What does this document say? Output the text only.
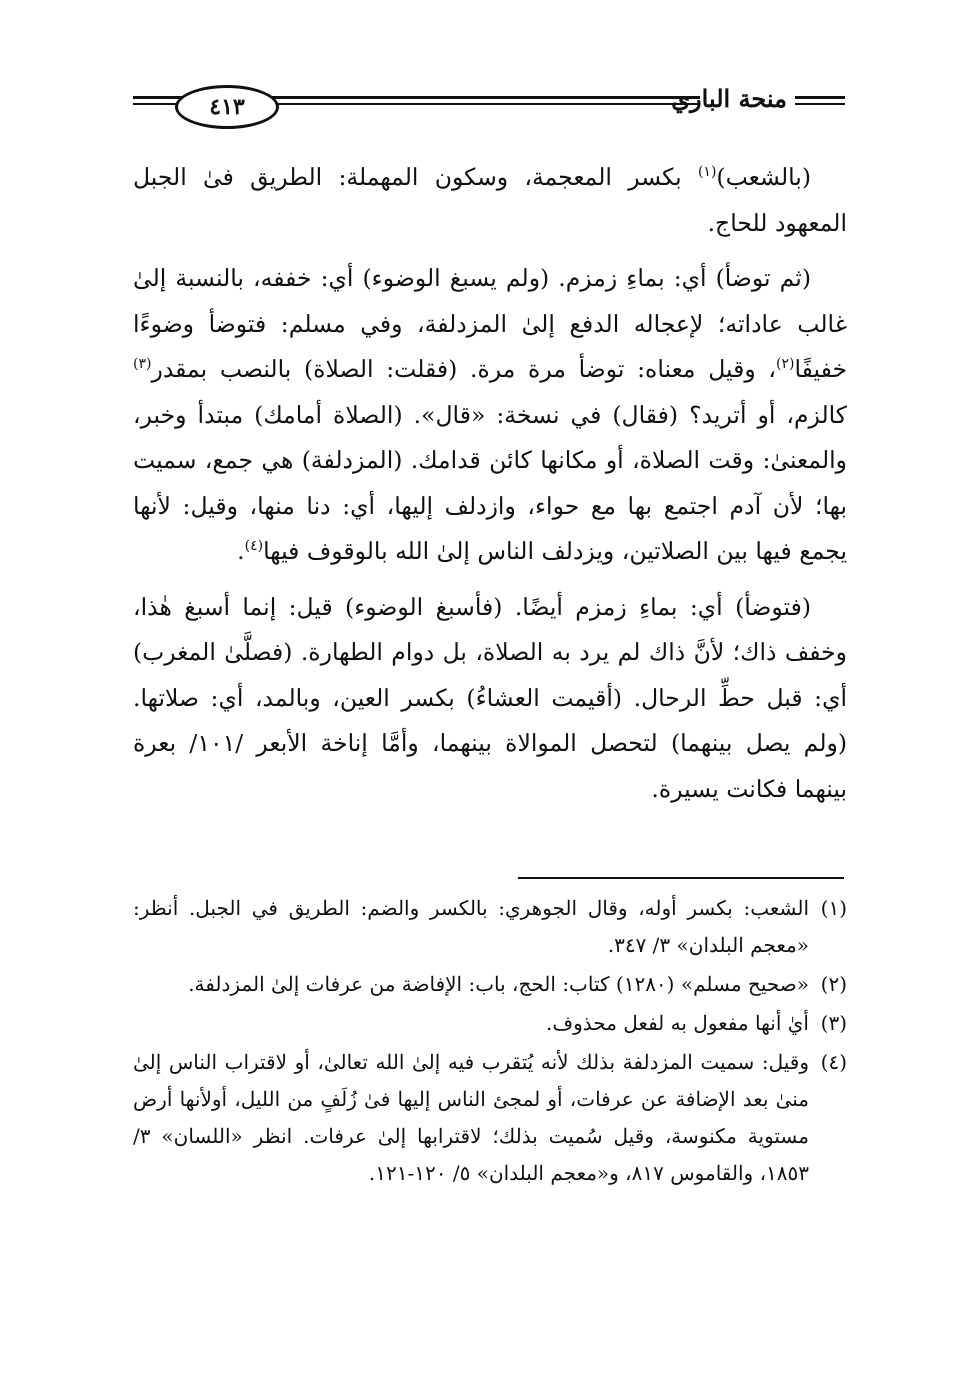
منحة الباري
٤١٣

(بالشعب)$^{(١)}$ بكسر المعجمة، وسكون المهملة: الطريق فىٰ الجبل المعهود للحاج.

(ثم توضأ) أي: بماءِ زمزم. (ولم يسبغ الوضوء) أي: خففه، بالنسبة إلىٰ غالب عاداته؛ لإعجاله الدفع إلىٰ المزدلفة، وفي مسلم: فتوضأ وضوءًا خفيفًا$^{(٢)}$، وقيل معناه: توضأ مرة مرة. (فقلت: الصلاة) بالنصب بمقدر$^{(٣)}$ كالزم، أو أتريد؟ (فقال) في نسخة: «قال». (الصلاة أمامك) مبتدأ وخبر، والمعنىٰ: وقت الصلاة، أو مكانها كائن قدامك. (المزدلفة) هي جمع، سميت بها؛ لأن آدم اجتمع بها مع حواء، وازدلف إليها، أي: دنا منها، وقيل: لأنها يجمع فيها بين الصلاتين، ويزدلف الناس إلىٰ الله بالوقوف فيها$^{(٤)}$.

(فتوضأ) أي: بماءِ زمزم أيضًا. (فأسبغ الوضوء) قيل: إنما أسبغ هٰذا، وخفف ذاك؛ لأنَّ ذاك لم يرد به الصلاة، بل دوام الطهارة. (فصلَّىٰ المغرب) أي: قبل حطِّ الرحال. (أقيمت العشاءُ) بكسر العين، وبالمد، أي: صلاتها. (ولم يصل بينهما) لتحصل الموالاة بينهما، وأمَّا إناخة الأبعر /١٠١/ بعرة بينهما فكانت يسيرة.

(١)
الشعب: بكسر أوله، وقال الجوهري: بالكسر والضم: الطريق في الجبل. أنظر: «معجم البلدان» ٣/ ٣٤٧.
(٢)
«صحيح مسلم» (١٢٨٠) كتاب: الحج، باب: الإفاضة من عرفات إلىٰ المزدلفة.
(٣)
أيٰ أنها مفعول به لفعل محذوف.
(٤)
وقيل: سميت المزدلفة بذلك لأنه يُتقرب فيه إلىٰ الله تعالىٰ، أو لاقتراب الناس إلىٰ منىٰ بعد الإضافة عن عرفات، أو لمجئ الناس إليها فىٰ زُلَفٍ من الليل، أولأنها أرض مستوية مكنوسة، وقيل سُميت بذلك؛ لاقترابها إلىٰ عرفات. انظر «اللسان» ٣/ ١٨٥٣، والقاموس ٨١٧، و«معجم البلدان» ٥/ ١٢٠-١٢١.
